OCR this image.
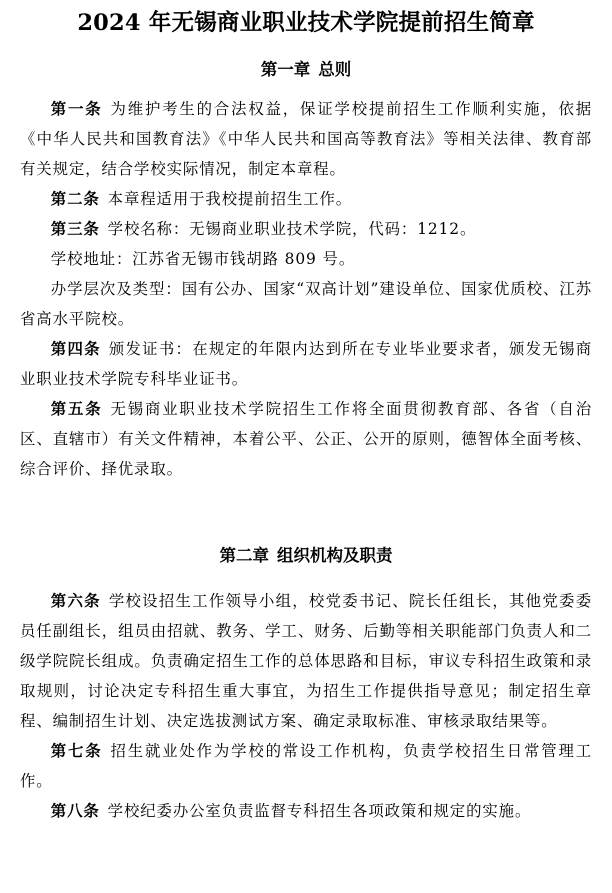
2024 年无锡商业职业技术学院提前招生简章
第一章 总则

第一条 为维护考生的合法权益，保证学校提前招生工作顺利实施，依据《中华人民共和国教育法》《中华人民共和国高等教育法》等相关法律、教育部有关规定，结合学校实际情况，制定本章程。

第二条 本章程适用于我校提前招生工作。

第三条 学校名称：无锡商业职业技术学院，代码：1212。

学校地址：江苏省无锡市钱胡路 809 号。

办学层次及类型：国有公办、国家“双高计划”建设单位、国家优质校、江苏省高水平院校。

第四条 颁发证书：在规定的年限内达到所在专业毕业要求者，颁发无锡商业职业技术学院专科毕业证书。

第五条 无锡商业职业技术学院招生工作将全面贯彻教育部、各省（自治区、直辖市）有关文件精神，本着公平、公正、公开的原则，德智体全面考核、综合评价、择优录取。

第二章 组织机构及职责

第六条 学校设招生工作领导小组，校党委书记、院长任组长，其他党委委员任副组长，组员由招就、教务、学工、财务、后勤等相关职能部门负责人和二级学院院长组成。负责确定招生工作的总体思路和目标，审议专科招生政策和录取规则，讨论决定专科招生重大事宜，为招生工作提供指导意见；制定招生章程、编制招生计划、决定选拔测试方案、确定录取标准、审核录取结果等。

第七条 招生就业处作为学校的常设工作机构，负责学校招生日常管理工作。

第八条 学校纪委办公室负责监督专科招生各项政策和规定的实施。
